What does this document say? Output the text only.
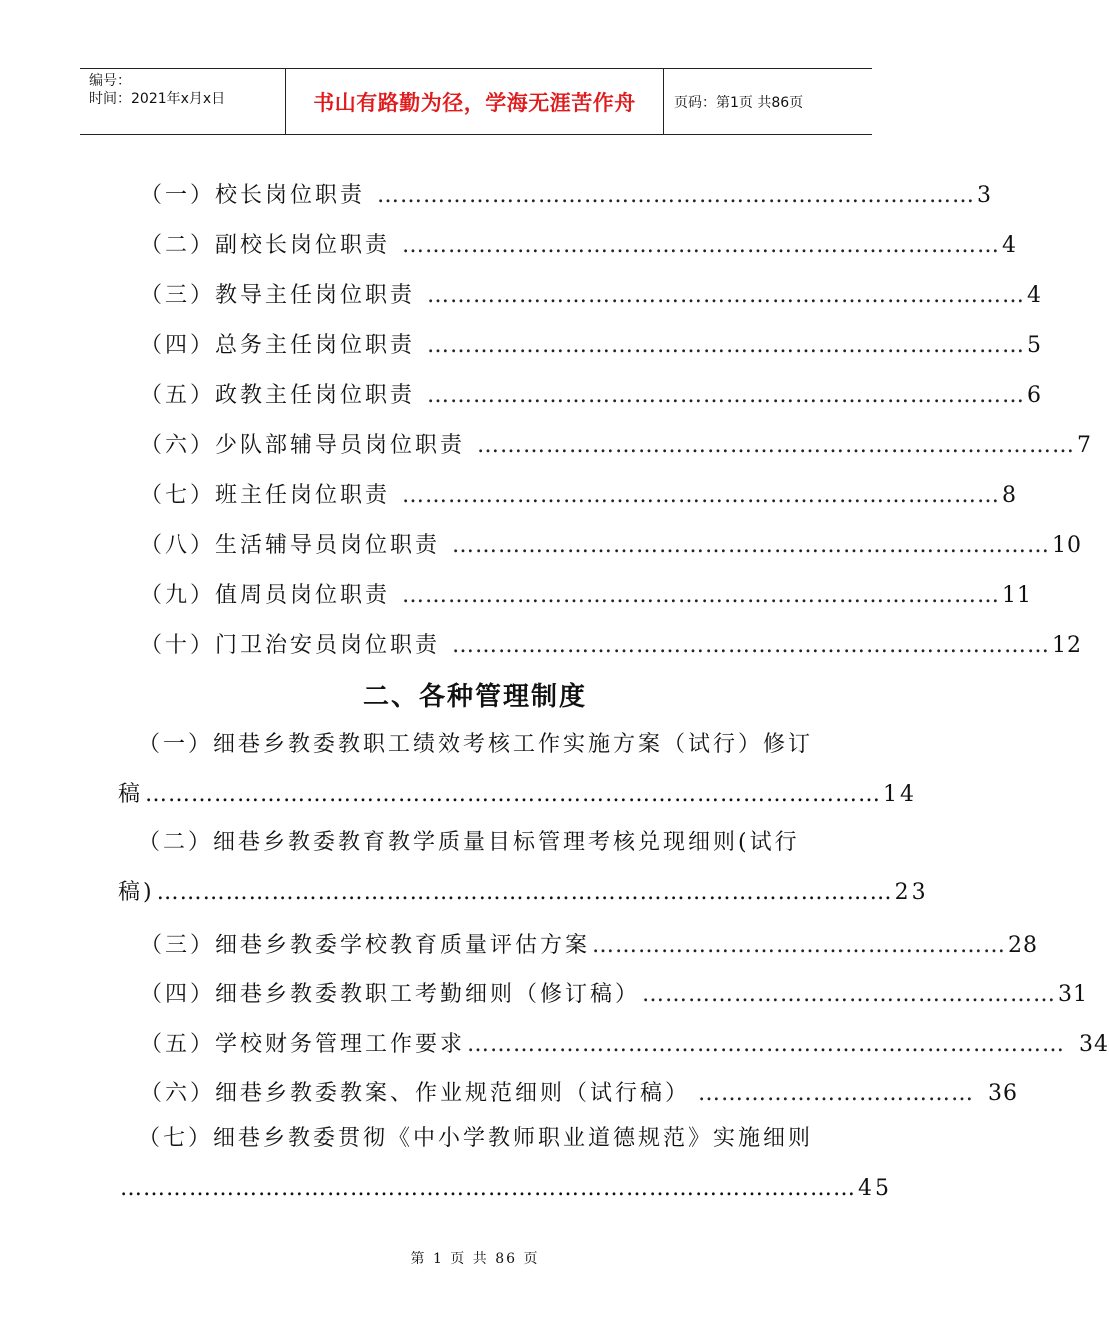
编号：
时间：2021年x月x日	书山有路勤为径，学海无涯苦作舟	页码：第1页 共86页
（一）校长岗位职责 …………………………………………………………………… 3
（二）副校长岗位职责 …………………………………………………………………… 4
（三）教导主任岗位职责 …………………………………………………………………… 4
（四）总务主任岗位职责 …………………………………………………………………… 5
（五）政教主任岗位职责 …………………………………………………………………… 6
（六）少队部辅导员岗位职责 …………………………………………………………………… 7
（七）班主任岗位职责 …………………………………………………………………… 8
（八）生活辅导员岗位职责 …………………………………………………………………… 10
（九）值周员岗位职责 …………………………………………………………………… 11
（十）门卫治安员岗位职责 …………………………………………………………………… 12
二、各种管理制度
（一）细巷乡教委教职工绩效考核工作实施方案（试行）修订
稿 …………………………………………………………………………………… 14
（二）细巷乡教委教育教学质量目标管理考核兑现细则(试行
稿) …………………………………………………………………………………… 23
（三）细巷乡教委学校教育质量评估方案 ……………………………………………… 28
（四）细巷乡教委教职工考勤细则（修订稿） ……………………………………………… 31
（五）学校财务管理工作要求 …………………………………………………………………… 34
（六）细巷乡教委教案、作业规范细则（试行稿） ……………………………… 36
（七）细巷乡教委贯彻《中小学教师职业道德规范》实施细则
…………………………………………………………………………………… 45
第 1 页 共 86 页
